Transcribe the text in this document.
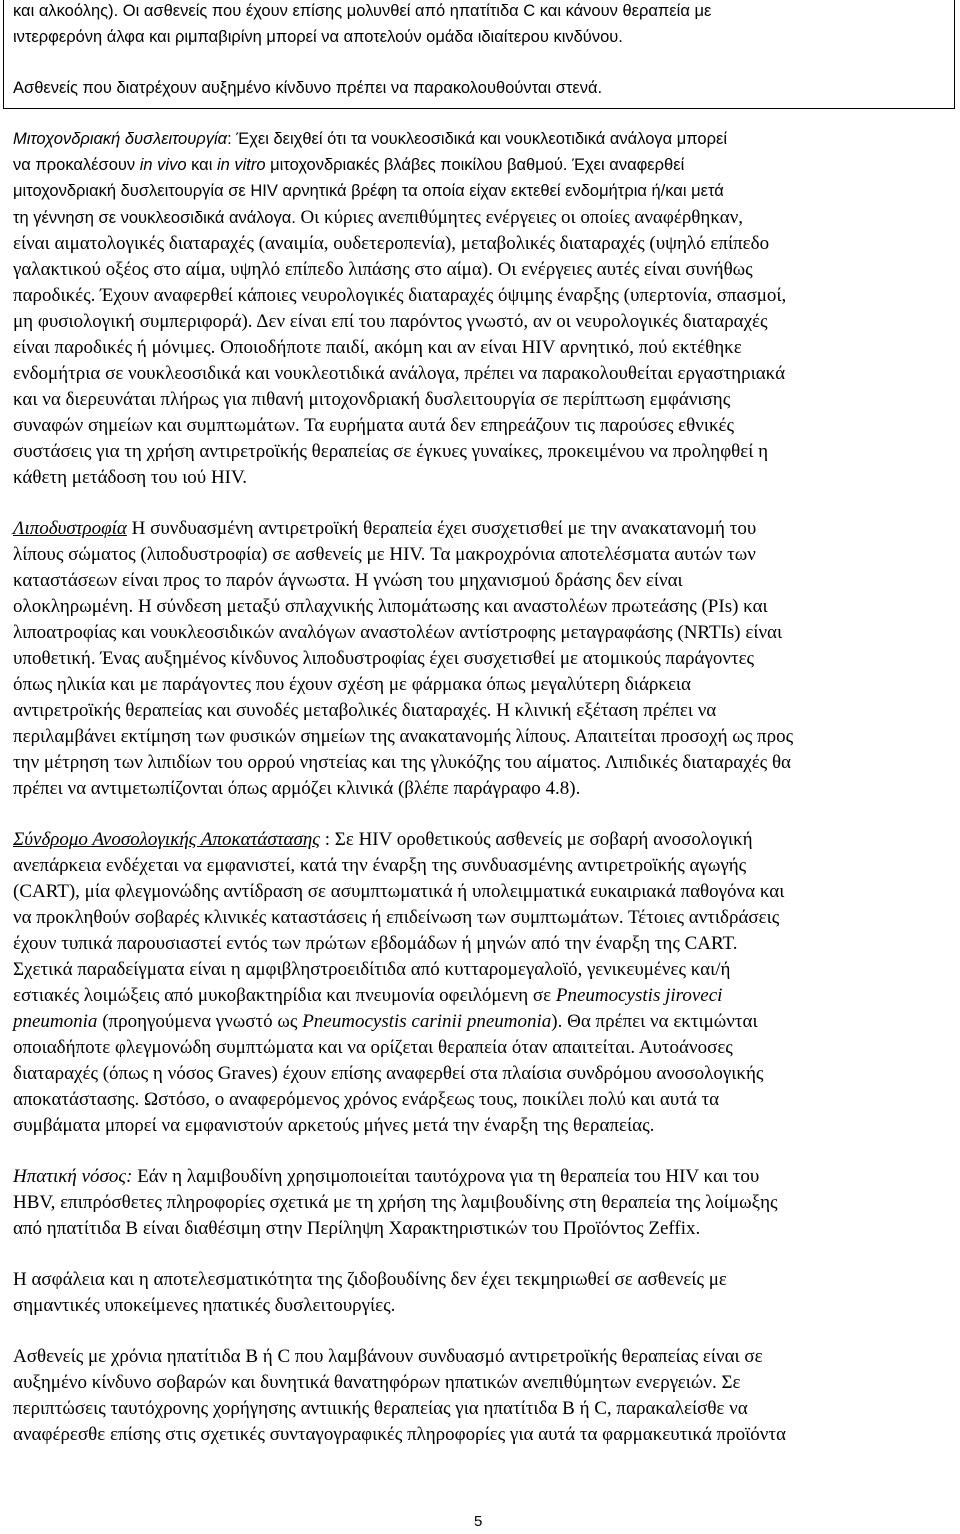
και αλκοόλης). Οι ασθενείς που έχουν επίσης μολυνθεί από ηπατίτιδα C και κάνουν θεραπεία με
ιντερφερόνη άλφα και ριμπαβιρίνη μπορεί να αποτελούν ομάδα ιδιαίτερου κινδύνου.
Ασθενείς που διατρέχουν αυξημένο κίνδυνο πρέπει να παρακολουθούνται στενά.
Μιτοχονδριακή δυσλειτουργία: Έχει δειχθεί ότι τα νουκλεοσιδικά και νουκλεοτιδικά ανάλογα μπορεί
να προκαλέσουν in vivo και in vitro μιτοχονδριακές βλάβες ποικίλου βαθμού. Έχει αναφερθεί
μιτοχονδριακή δυσλειτουργία σε HIV αρνητικά βρέφη τα οποία είχαν εκτεθεί ενδομήτρια ή/και μετά
τη γέννηση σε νουκλεοσιδικά ανάλογα. Οι κύριες ανεπιθύμητες ενέργειες οι οποίες αναφέρθηκαν,
είναι αιματολογικές διαταραχές (αναιμία, ουδετεροπενία), μεταβολικές διαταραχές (υψηλό επίπεδο
γαλακτικού οξέος στο αίμα, υψηλό επίπεδο λιπάσης στο αίμα). Οι ενέργειες αυτές είναι συνήθως
παροδικές. Έχουν αναφερθεί κάποιες νευρολογικές διαταραχές όψιμης έναρξης (υπερτονία, σπασμοί,
μη φυσιολογική συμπεριφορά). Δεν είναι επί του παρόντος γνωστό, αν οι νευρολογικές διαταραχές
είναι παροδικές ή μόνιμες. Οποιοδήποτε παιδί, ακόμη και αν είναι HIV αρνητικό, πού εκτέθηκε
ενδομήτρια σε νουκλεοσιδικά και νουκλεοτιδικά ανάλογα, πρέπει να παρακολουθείται εργαστηριακά
και να διερευνάται πλήρως για πιθανή μιτοχονδριακή δυσλειτουργία σε περίπτωση εμφάνισης
συναφών σημείων και συμπτωμάτων. Τα ευρήματα αυτά δεν επηρεάζουν τις παρούσες εθνικές
συστάσεις για τη χρήση αντιρετροϊκής θεραπείας σε έγκυες γυναίκες, προκειμένου να προληφθεί η
κάθετη μετάδοση του ιού HIV.
Λιποδυστροφία Η συνδυασμένη αντιρετροϊκή θεραπεία έχει συσχετισθεί με την ανακατανομή του
λίπους σώματος (λιποδυστροφία) σε ασθενείς με HIV. Τα μακροχρόνια αποτελέσματα αυτών των
καταστάσεων είναι προς το παρόν άγνωστα. Η γνώση του μηχανισμού δράσης δεν είναι
ολοκληρωμένη. Η σύνδεση μεταξύ σπλαχνικής λιπομάτωσης και αναστολέων πρωτεάσης (PIs) και
λιποατροφίας και νουκλεοσιδικών αναλόγων αναστολέων αντίστροφης μεταγραφάσης (NRTIs) είναι
υποθετική. Ένας αυξημένος κίνδυνος λιποδυστροφίας έχει συσχετισθεί με ατομικούς παράγοντες
όπως ηλικία και με παράγοντες που έχουν σχέση με φάρμακα όπως μεγαλύτερη διάρκεια
αντιρετροϊκής θεραπείας και συνοδές μεταβολικές διαταραχές. Η κλινική εξέταση πρέπει να
περιλαμβάνει εκτίμηση των φυσικών σημείων της ανακατανομής λίπους. Απαιτείται προσοχή ως προς
την μέτρηση των λιπιδίων του ορρού νηστείας και της γλυκόζης του αίματος. Λιπιδικές διαταραχές θα
πρέπει να αντιμετωπίζονται όπως αρμόζει κλινικά (βλέπε παράγραφο 4.8).
Σύνδρομο Ανοσολογικής Αποκατάστασης : Σε HIV οροθετικούς ασθενείς με σοβαρή ανοσολογική
ανεπάρκεια ενδέχεται να εμφανιστεί, κατά την έναρξη της συνδυασμένης αντιρετροϊκής αγωγής
(CART), μία φλεγμονώδης αντίδραση σε ασυμπτωματικά ή υπολειμματικά ευκαιριακά παθογόνα και
να προκληθούν σοβαρές κλινικές καταστάσεις ή επιδείνωση των συμπτωμάτων. Τέτοιες αντιδράσεις
έχουν τυπικά παρουσιαστεί εντός των πρώτων εβδομάδων ή μηνών από την έναρξη της CART.
Σχετικά παραδείγματα είναι η αμφιβληστροειδίτιδα από κυτταρομεγαλοϊό, γενικευμένες και/ή
εστιακές λοιμώξεις από μυκοβακτηρίδια και πνευμονία οφειλόμενη σε Pneumocystis jiroveci
pneumonia (προηγούμενα γνωστό ως Pneumocystis carinii pneumonia). Θα πρέπει να εκτιμώνται
οποιαδήποτε φλεγμονώδη συμπτώματα και να ορίζεται θεραπεία όταν απαιτείται. Αυτοάνοσες
διαταραχές (όπως η νόσος Graves) έχουν επίσης αναφερθεί στα πλαίσια συνδρόμου ανοσολογικής
αποκατάστασης. Ωστόσο, ο αναφερόμενος χρόνος ενάρξεως τους, ποικίλει πολύ και αυτά τα
συμβάματα μπορεί να εμφανιστούν αρκετούς μήνες μετά την έναρξη της θεραπείας.
Ηπατική νόσος: Εάν η λαμιβουδίνη χρησιμοποιείται ταυτόχρονα για τη θεραπεία του HIV και του
HBV, επιπρόσθετες πληροφορίες σχετικά με τη χρήση της λαμιβουδίνης στη θεραπεία της λοίμωξης
από ηπατίτιδα Β είναι διαθέσιμη στην Περίληψη Χαρακτηριστικών του Προϊόντος Zeffix.
Η ασφάλεια και η αποτελεσματικότητα της ζιδοβουδίνης δεν έχει τεκμηριωθεί σε ασθενείς με
σημαντικές υποκείμενες ηπατικές δυσλειτουργίες.
Ασθενείς με χρόνια ηπατίτιδα Β ή C που λαμβάνουν συνδυασμό αντιρετροϊκής θεραπείας είναι σε
αυξημένο κίνδυνο σοβαρών και δυνητικά θανατηφόρων ηπατικών ανεπιθύμητων ενεργειών. Σε
περιπτώσεις ταυτόχρονης χορήγησης αντιιικής θεραπείας για ηπατίτιδα Β ή C, παρακαλείσθε να
αναφέρεσθε επίσης στις σχετικές συνταγογραφικές πληροφορίες για αυτά τα φαρμακευτικά προϊόντα
5
